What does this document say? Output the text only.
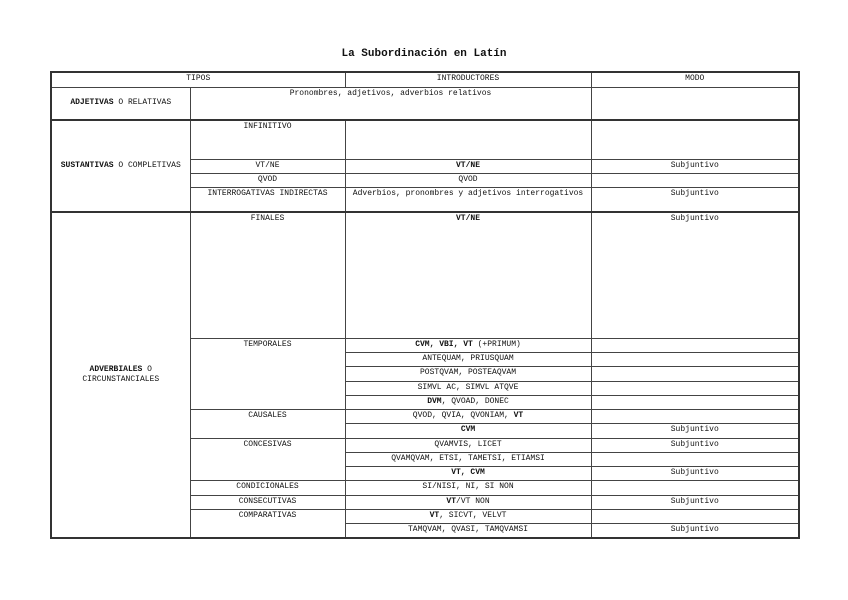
La Subordinación en Latín
TIPOS		INTRODUCTORES	MODO
ADJETIVAS O RELATIVAS	Pronombres, adjetivos, adverbios relativos		
SUSTANTIVAS O COMPLETIVAS	INFINITIVO		
	VT/NE	VT/NE	Subjuntivo
	QVOD	QVOD	
	INTERROGATIVAS INDIRECTAS	Adverbios, pronombres y adjetivos interrogativos	Subjuntivo
ADVERBIALES O
CIRCUNSTANCIALES	FINALES	VT/NE	Subjuntivo
	TEMPORALES	CVM, VBI, VT (+PRIMUM)	
		ANTEQUAM, PRIUSQUAM	
		POSTQVAM, POSTEAQVAM	
		SIMVL AC, SIMVL ATQVE	
		DVM, QVOAD, DONEC	
	CAUSALES	QVOD, QVIA, QVONIAM, VT	
		CVM	Subjuntivo
	CONCESIVAS	QVAMVIS, LICET	Subjuntivo
		QVAMQVAM, ETSI, TAMETSI, ETIAMSI	
		VT, CVM	Subjuntivo
	CONDICIONALES	SI/NISI, NI, SI NON	
	CONSECUTIVAS	VT/VT NON	Subjuntivo
	COMPARATIVAS	VT, SICVT, VELVT	
		TAMQVAM, QVASI, TAMQVAMSI	Subjuntivo
